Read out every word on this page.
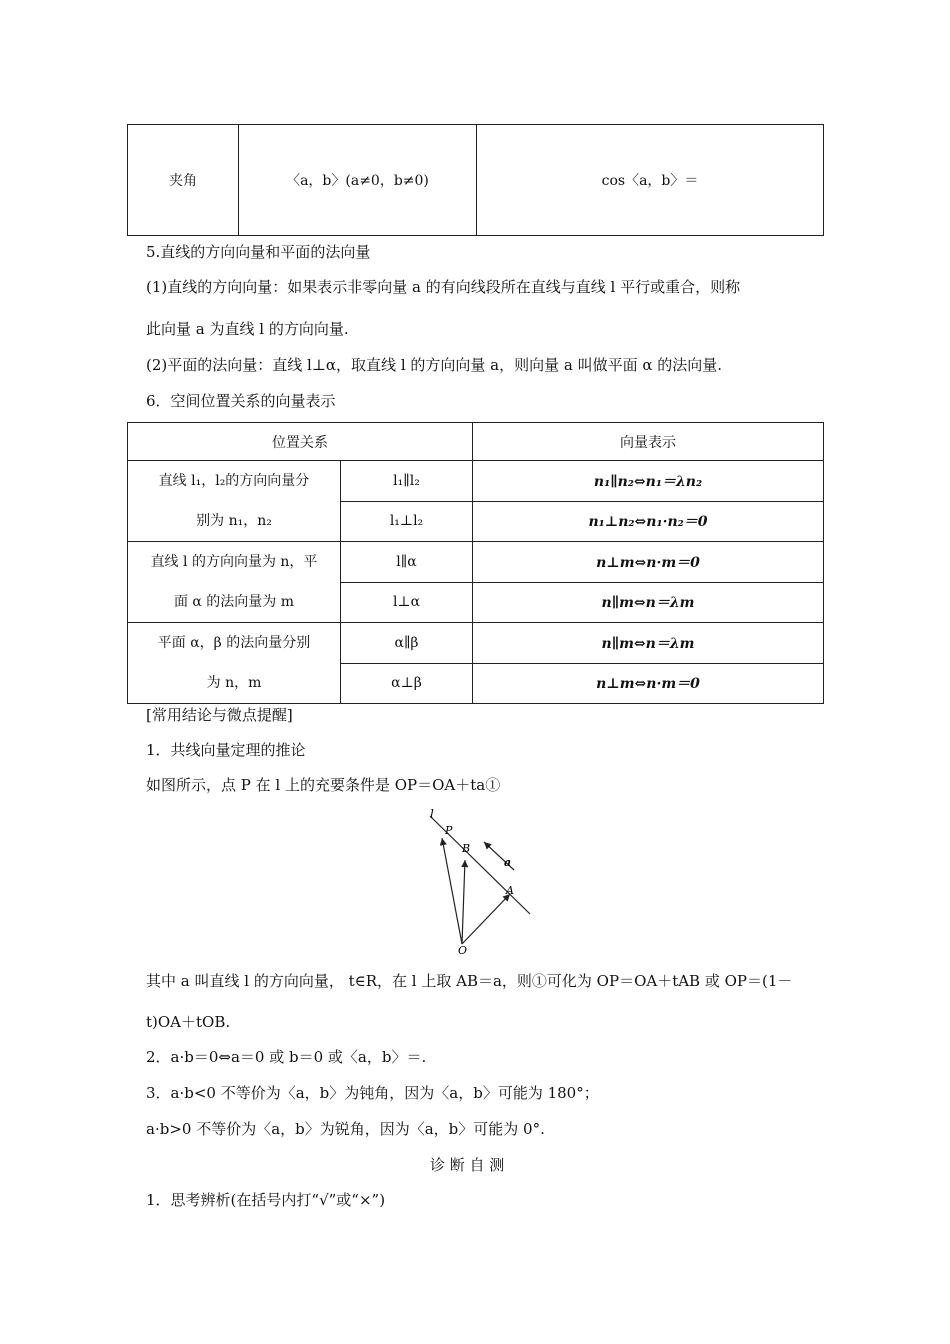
夹角	〈a，b〉(a≠0，b≠0)	cos〈a，b〉＝
5.直线的方向向量和平面的法向量
(1)直线的方向向量：如果表示非零向量 a 的有向线段所在直线与直线 l 平行或重合，则称
此向量 a 为直线 l 的方向向量.
(2)平面的法向量：直线 l⊥α，取直线 l 的方向向量 a，则向量 a 叫做平面 α 的法向量.
6．空间位置关系的向量表示
位置关系		向量表示

直线 l₁，l₂的方向向量分
别为 n₁，n₂	l₁∥l₂	n₁∥n₂⇔n₁＝λn₂
	l₁⊥l₂	n₁⊥n₂⇔n₁·n₂＝0

直线 l 的方向向量为 n，平
面 α 的法向量为 m	l∥α	n⊥m⇔n·m＝0
	l⊥α	n∥m⇔n＝λm

平面 α，β 的法向量分别
为 n，m	α∥β	n∥m⇔n＝λm
	α⊥β	n⊥m⇔n·m＝0
[常用结论与微点提醒]
1．共线向量定理的推论
如图所示，点 P 在 l 上的充要条件是 OP＝OA＋ta①
l
P
B
A
O
a
其中 a 叫直线 l 的方向向量， t∈R，在 l 上取 AB＝a，则①可化为 OP＝OA＋tAB 或 OP＝(1－
t)OA＋tOB.
2．a·b＝0⇔a＝0 或 b＝0 或〈a，b〉＝.
3．a·b<0 不等价为〈a，b〉为钝角，因为〈a，b〉可能为 180°；
a·b>0 不等价为〈a，b〉为锐角，因为〈a，b〉可能为 0°.
诊 断 自 测
1．思考辨析(在括号内打“√”或“×”)
